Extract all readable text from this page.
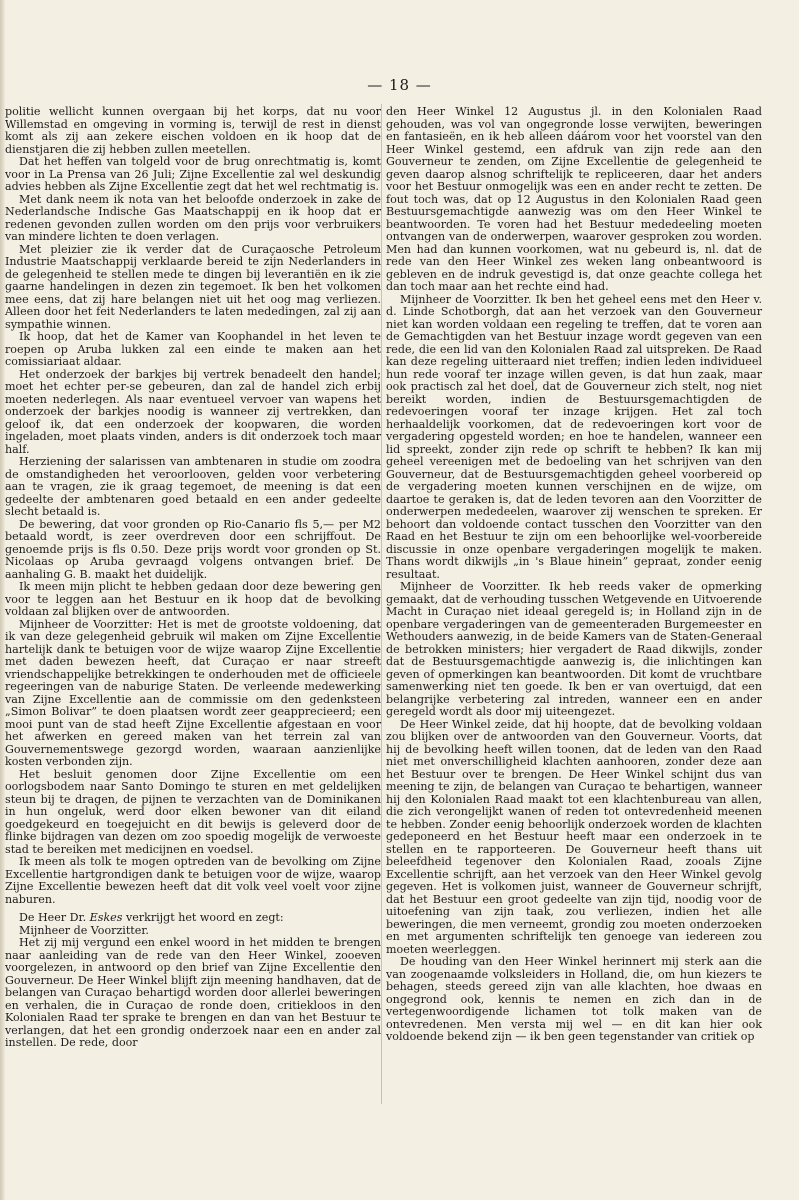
— 18 —

politie wellicht kunnen overgaan bij het korps, dat nu voor Willemstad en omgeving in vorming is, terwijl de rest in dienst komt als zij aan zekere eischen voldoen en ik hoop dat de dienstjaren die zij hebben zullen meetellen.

Dat het heffen van tolgeld voor de brug onrechtmatig is, komt voor in La Prensa van 26 Juli; Zijne Excellentie zal wel deskundig advies hebben als Zijne Excellentie zegt dat het wel rechtmatig is.

Met dank neem ik nota van het beloofde onderzoek in zake de Nederlandsche Indische Gas Maatschappij en ik hoop dat er redenen gevonden zullen worden om den prijs voor verbruikers van mindere lichten te doen verlagen.

Met pleizier zie ik verder dat de Curaçaosche Petroleum Industrie Maatschappij verklaarde bereid te zijn Nederlanders in de gelegenheid te stellen mede te dingen bij leverantiën en ik zie gaarne handelingen in dezen zin tegemoet. Ik ben het volkomen mee eens, dat zij hare belangen niet uit het oog mag verliezen. Alleen door het feit Nederlanders te laten mededingen, zal zij aan sympathie winnen.

Ik hoop, dat het de Kamer van Koophandel in het leven te roepen op Aruba lukken zal een einde te maken aan het comissiariaat aldaar.

Het onderzoek der barkjes bij vertrek benadeelt den handel; moet het echter per-se gebeuren, dan zal de handel zich erbij moeten nederlegen. Als naar eventueel vervoer van wapens het onderzoek der barkjes noodig is wanneer zij vertrekken, dan geloof ik, dat een onderzoek der koopwaren, die worden ingeladen, moet plaats vinden, anders is dit onderzoek toch maar half.

Herziening der salarissen van ambtenaren in studie om zoodra de omstandigheden het veroorlooven, gelden voor verbetering aan te vragen, zie ik graag tegemoet, de meening is dat een gedeelte der ambtenaren goed betaald en een ander gedeelte slecht betaald is.

De bewering, dat voor gronden op Rio-Canario fls 5,— per M2 betaald wordt, is zeer overdreven door een schrijffout. De genoemde prijs is fls 0.50. Deze prijs wordt voor gronden op St. Nicolaas op Aruba gevraagd volgens ontvangen brief. De aanhaling G. B. maakt het duidelijk.

Ik meen mijn plicht te hebben gedaan door deze bewering gen voor te leggen aan het Bestuur en ik hoop dat de bevolking voldaan zal blijken over de antwoorden.

Mijnheer de Voorzitter: Het is met de grootste voldoening, dat ik van deze gelegenheid gebruik wil maken om Zijne Excellentie hartelijk dank te betuigen voor de wijze waarop Zijne Excellentie met daden bewezen heeft, dat Curaçao er naar streeft vriendschappelijke betrekkingen te onderhouden met de officieele regeeringen van de naburige Staten. De verleende medewerking van Zijne Excellentie aan de commissie om den gedenksteen „Simon Bolivar” te doen plaatsen wordt zeer geapprecieerd; een mooi punt van de stad heeft Zijne Excellentie afgestaan en voor het afwerken en gereed maken van het terrein zal van Gouvernementswege gezorgd worden, waaraan aanzienlijke kosten verbonden zijn.

Het besluit genomen door Zijne Excellentie om een oorlogsbodem naar Santo Domingo te sturen en met geldelijken steun bij te dragen, de pijnen te verzachten van de Dominikanen in hun ongeluk, werd door elken bewoner van dit eiland goedgekeurd en toegejuicht en dit bewijs is geleverd door de flinke bijdragen van dezen om zoo spoedig mogelijk de verwoeste stad te bereiken met medicijnen en voedsel.

Ik meen als tolk te mogen optreden van de bevolking om Zijne Excellentie hartgrondigen dank te betuigen voor de wijze, waarop Zijne Excellentie bewezen heeft dat dit volk veel voelt voor zijne naburen.

De Heer Dr. Eskes verkrijgt het woord en zegt:

Mijnheer de Voorzitter.

Het zij mij vergund een enkel woord in het midden te brengen naar aanleiding van de rede van den Heer Winkel, zooeven voorgelezen, in antwoord op den brief van Zijne Excellentie den Gouverneur. De Heer Winkel blijft zijn meening handhaven, dat de belangen van Curaçao behartigd worden door allerlei beweringen en verhalen, die in Curaçao de ronde doen, critiekloos in den Kolonialen Raad ter sprake te brengen en dan van het Bestuur te verlangen, dat het een grondig onderzoek naar een en ander zal instellen. De rede, door

den Heer Winkel 12 Augustus jl. in den Kolonialen Raad gehouden, was vol van ongegronde losse verwijten, beweringen en fantasieën, en ik heb alleen dáárom voor het voorstel van den Heer Winkel gestemd, een afdruk van zijn rede aan den Gouverneur te zenden, om Zijne Excellentie de gelegenheid te geven daarop alsnog schriftelijk te repliceeren, daar het anders voor het Bestuur onmogelijk was een en ander recht te zetten. De fout toch was, dat op 12 Augustus in den Kolonialen Raad geen Bestuursgemachtigde aanwezig was om den Heer Winkel te beantwoorden. Te voren had het Bestuur mededeeling moeten ontvangen van de onderwerpen, waarover gesproken zou worden. Men had dan kunnen voorkomen, wat nu gebeurd is, nl. dat de rede van den Heer Winkel zes weken lang onbeantwoord is gebleven en de indruk gevestigd is, dat onze geachte collega het dan toch maar aan het rechte eind had.

Mijnheer de Voorzitter. Ik ben het geheel eens met den Heer v. d. Linde Schotborgh, dat aan het verzoek van den Gouverneur niet kan worden voldaan een regeling te treffen, dat te voren aan de Gemachtigden van het Bestuur inzage wordt gegeven van een rede, die een lid van den Kolonialen Raad zal uitspreken. De Raad kan deze regeling uitteraard niet treffen; indien leden individueel hun rede vooraf ter inzage willen geven, is dat hun zaak, maar ook practisch zal het doel, dat de Gouverneur zich stelt, nog niet bereikt worden, indien de Bestuursgemachtigden de redevoeringen vooraf ter inzage krijgen. Het zal toch herhaaldelijk voorkomen, dat de redevoeringen kort voor de vergadering opgesteld worden; en hoe te handelen, wanneer een lid spreekt, zonder zijn rede op schrift te hebben? Ik kan mij geheel vereenigen met de bedoeling van het schrijven van den Gouverneur, dat de Bestuursgemachtigden geheel voorbereid op de vergadering moeten kunnen verschijnen en de wijze, om daartoe te geraken is, dat de leden tevoren aan den Voorzitter de onderwerpen mededeelen, waarover zij wenschen te spreken. Er behoort dan voldoende contact tusschen den Voorzitter van den Raad en het Bestuur te zijn om een behoorlijke wel-voorbereide discussie in onze openbare vergaderingen mogelijk te maken. Thans wordt dikwijls „in 's Blaue hinein” gepraat, zonder eenig resultaat.

Mijnheer de Voorzitter. Ik heb reeds vaker de opmerking gemaakt, dat de verhouding tusschen Wetgevende en Uitvoerende Macht in Curaçao niet ideaal geregeld is; in Holland zijn in de openbare vergaderingen van de gemeenteraden Burgemeester en Wethouders aanwezig, in de beide Kamers van de Staten-Generaal de betrokken ministers; hier vergadert de Raad dikwijls, zonder dat de Bestuursgemachtigde aanwezig is, die inlichtingen kan geven of opmerkingen kan beantwoorden. Dit komt de vruchtbare samenwerking niet ten goede. Ik ben er van overtuigd, dat een belangrijke verbetering zal intreden, wanneer een en ander geregeld wordt als door mij uiteengezet.

De Heer Winkel zeide, dat hij hoopte, dat de bevolking voldaan zou blijken over de antwoorden van den Gouverneur. Voorts, dat hij de bevolking heeft willen toonen, dat de leden van den Raad niet met onverschilligheid klachten aanhooren, zonder deze aan het Bestuur over te brengen. De Heer Winkel schijnt dus van meening te zijn, de belangen van Curaçao te behartigen, wanneer hij den Kolonialen Raad maakt tot een klachtenbureau van allen, die zich verongelijkt wanen of reden tot ontevredenheid meenen te hebben. Zonder eenig behoorlijk onderzoek worden de klachten gedeponeerd en het Bestuur heeft maar een onderzoek in te stellen en te rapporteeren. De Gouverneur heeft thans uit beleefdheid tegenover den Kolonialen Raad, zooals Zijne Excellentie schrijft, aan het verzoek van den Heer Winkel gevolg gegeven. Het is volkomen juist, wanneer de Gouverneur schrijft, dat het Bestuur een groot gedeelte van zijn tijd, noodig voor de uitoefening van zijn taak, zou verliezen, indien het alle beweringen, die men verneemt, grondig zou moeten onderzoeken en met argumenten schriftelijk ten genoege van iedereen zou moeten weerleggen.

De houding van den Heer Winkel herinnert mij sterk aan die van zoogenaamde volksleiders in Holland, die, om hun kiezers te behagen, steeds gereed zijn van alle klachten, hoe dwaas en ongegrond ook, kennis te nemen en zich dan in de vertegenwoordigende lichamen tot tolk maken van de ontevredenen. Men versta mij wel — en dit kan hier ook voldoende bekend zijn — ik ben geen tegenstander van critiek op
